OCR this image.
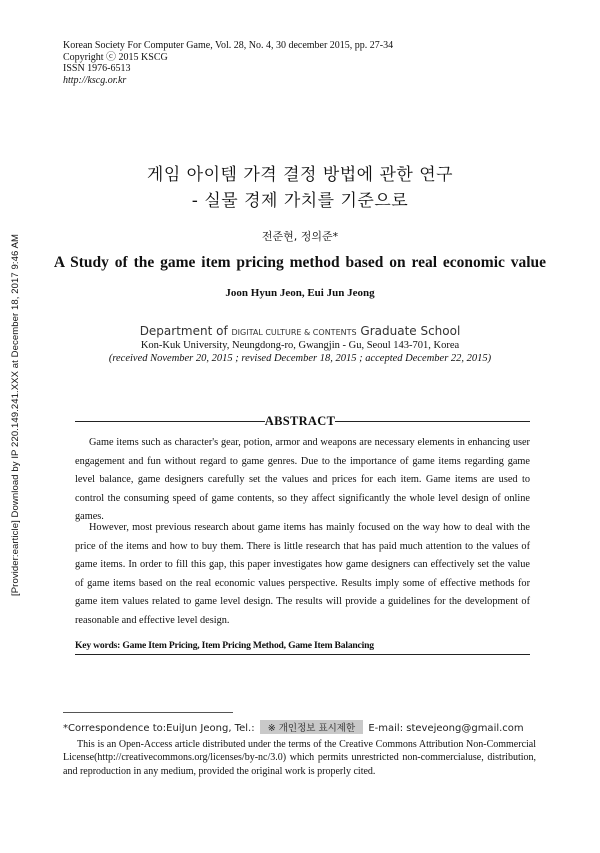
Korean Society For Computer Game, Vol. 28, No. 4, 30 december 2015, pp. 27-34
Copyright ⓒ 2015 KSCG
ISSN 1976-6513
http://kscg.or.kr
[Provider:earticle] Download by IP 220.149.241.XXX at December 18, 2017 9:46 AM
게임 아이템 가격 결정 방법에 관한 연구
- 실물 경제 가치를 기준으로
전준현, 정의준*
A Study of the game item pricing method based on real economic value
Joon Hyun Jeon, Eui Jun Jeong
Department of DIGITAL CULTURE & CONTENTS Graduate School
Kon-Kuk University, Neungdong-ro, Gwangjin - Gu, Seoul 143-701, Korea
(received November 20, 2015 ; revised December 18, 2015 ; accepted December 22, 2015)
ABSTRACT
Game items such as character's gear, potion, armor and weapons are necessary elements in enhancing user engagement and fun without regard to game genres. Due to the importance of game items regarding game level balance, game designers carefully set the values and prices for each item. Game items are used to control the consuming speed of game contents, so they affect significantly the whole level design of online games.
However, most previous research about game items has mainly focused on the way how to deal with the price of the items and how to buy them. There is little research that has paid much attention to the values of game items. In order to fill this gap, this paper investigates how game designers can effectively set the value of game items based on the real economic values perspective. Results imply some of effective methods for game item values related to game level design. The results will provide a guidelines for the development of reasonable and effective level design.
Key words: Game Item Pricing, Item Pricing Method, Game Item Balancing
*Correspondence to:EuiJun Jeong, Tel.: ※ 개인정보 표시제한 E-mail: stevejeong@gmail.com
This is an Open-Access article distributed under the terms of the Creative Commons Attribution Non-Commercial License(http://creativecommons.org/licenses/by-nc/3.0) which permits unrestricted non-commercialuse, distribution, and reproduction in any medium, provided the original work is properly cited.
